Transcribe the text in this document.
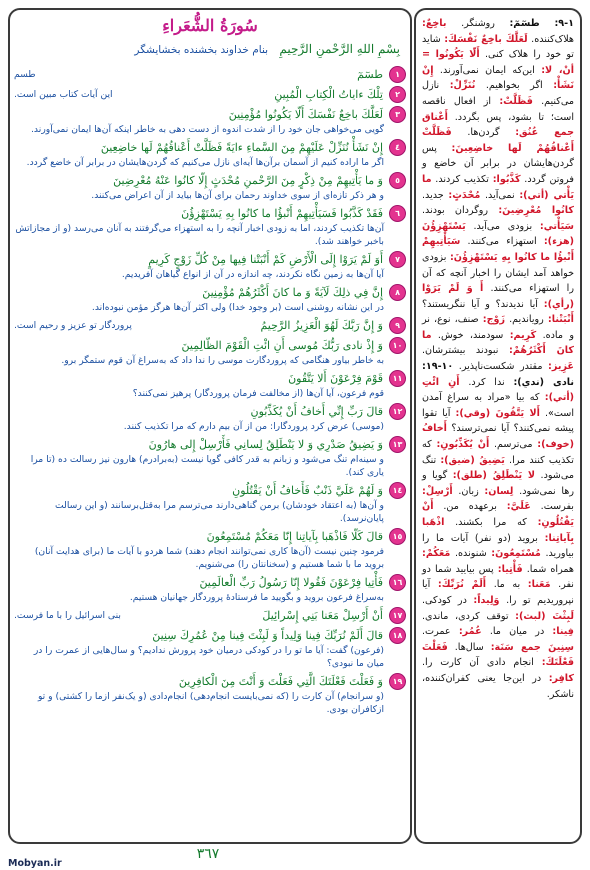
سُورَةُ الشُّعَراءِ
بِسْمِ اللهِ الرَّحْمنِ الرَّحِيمِ بنام خداوند بخشنده بخشایشگر
١
طسٓمٓ
طسم
٢
تِلْكَ ءاياتُ الْكِتابِ الْمُبِينِ
این آیات کتاب مبین است.
٣
لَعَلَّكَ باخِعٌ نَفْسَكَ أَلّا يَكُونُوا مُؤْمِنِينَ
گویی می‌خواهی جان خود را از شدت اندوه از دست دهی به خاطر اینکه آن‌ها ایمان نمی‌آورند.
٤
إِنْ نَشَأْ نُنَزِّلْ عَلَيْهِمْ مِنَ السَّماءِ ءايَةً فَظَلَّتْ أَعْناقُهُمْ لَها خاضِعِينَ
اگر ما اراده کنیم از آسمان برآن‌ها آیه‌ای نازل می‌کنیم که گردن‌هایشان در برابر آن خاضع گردد.
٥
وَ ما يَأْتِيهِمْ مِنْ ذِكْرٍ مِنَ الرَّحْمنِ مُحْدَثٍ إِلّا كانُوا عَنْهُ مُعْرِضِينَ
و هر ذکر تازه‌ای از سوی خداوند رحمان برای آن‌ها بیاید از آن اعراض می‌کنند.
٦
فَقَدْ كَذَّبُوا فَسَيَأْتِيهِمْ أَنْبؤُا ما كانُوا بِهِ يَسْتَهْزِؤُنَ
آن‌ها تکذیب کردند، اما به زودی اخبار آنچه را به استهزاء می‌گرفتند به آنان می‌رسد (و از مجازاتش باخبر خواهند شد).
٧
أَوَ لَمْ يَرَوْا إِلَى الْأَرْضِ كَمْ أَنْبَتْنا فِيها مِنْ كُلِّ زَوْجٍ كَرِيمٍ
آیا آن‌ها به زمین نگاه نکردند، چه اندازه در آن از انواع گیاهان آفریدیم.
٨
إِنَّ فِي ذلِكَ لَآيَةً وَ ما كانَ أَكْثَرُهُمْ مُؤْمِنِينَ
در این نشانه روشنی است (بر وجود خدا) ولی اکثر آن‌ها هرگز مؤمن نبوده‌اند.
٩
وَ إِنَّ رَبَّكَ لَهُوَ الْعَزِيزُ الرَّحِيمُ
پروردگار تو عزیز و رحیم است.
١٠
وَ إِذْ نادى رَبُّكَ مُوسى أَنِ ائْتِ الْقَوْمَ الظّالِمِينَ
به خاطر بیاور هنگامی که پروردگارت موسی را ندا داد که به‌سراغ آن قوم ستمگر برو.
١١
قَوْمَ فِرْعَوْنَ أَلا يَتَّقُونَ
قوم فرعون، آیا آن‌ها (از مخالفت فرمان پروردگار) پرهیز نمی‌کنند؟
١٢
قالَ رَبِّ إِنِّي أَخافُ أَنْ يُكَذِّبُونِ
(موسی) عرض کرد پروردگارا: من از آن بیم دارم که مرا تکذیب کنند.
١٣
وَ يَضِيقُ صَدْرِي وَ لا يَنْطَلِقُ لِسانِي فَأَرْسِلْ إِلى هارُونَ
و سینه‌ام تنگ می‌شود و زبانم به قدر کافی گویا نیست (به‌برادرم) هارون نیز رسالت ده (تا مرا یاری کند).
١٤
وَ لَهُمْ عَلَيَّ ذَنْبٌ فَأَخافُ أَنْ يَقْتُلُونِ
و آن‌ها (به اعتقاد خودشان) برمن گناهی‌دارند می‌ترسم مرا به‌قتل‌برسانند (و این رسالت پایان‌نرسد).
١٥
قالَ كَلّا فَاذْهَبا بِآياتِنا إِنّا مَعَكُمْ مُسْتَمِعُونَ
فرمود چنین نیست (آن‌ها کاری نمی‌توانند انجام دهند) شما هردو با آیات ما (برای هدایت آنان) بروید ما با شما هستیم و (سخنانتان را) می‌شنویم.
١٦
فَأْتِيا فِرْعَوْنَ فَقُولا إِنّا رَسُولُ رَبِّ الْعالَمِينَ
به‌سراغ فرعون بروید و بگویید ما فرستادهٔ پروردگار جهانیان هستیم.
١٧
أَنْ أَرْسِلْ مَعَنا بَنِي إِسْرائِيلَ
بنی اسرائیل را با ما فرست.
١٨
قالَ أَلَمْ نُرَبِّكَ فِينا وَلِيداً وَ لَبِثْتَ فِينا مِنْ عُمُرِكَ سِنِينَ
(فرعون) گفت: آیا ما تو را در کودکی درمیان خود پرورش ندادیم؟ و سال‌هایی از عمرت را در میان ما نبودی؟
١٩
وَ فَعَلْتَ فَعْلَتَكَ الَّتِي فَعَلْتَ وَ أَنْتَ مِنَ الْكافِرِينَ
(و سرانجام) آن کارت را (که نمی‌بایست انجام‌دهی) انجام‌دادی (و یک‌نفر ازما را کشتی) و تو ازکافران بودی.
١-٩: طسٓمٓ: روشنگر. باخِعٌ: هلاک‌کننده. لَعَلَّكَ باخِعٌ نَفْسَكَ: شاید تو خود را هلاک کنی. أَلّا يَكُونُوا = أنْ، لا: این‌که ایمان نمی‌آورند. إِنْ نَشَأْ: اگر بخواهیم. نُنَزِّلْ: نازل می‌کنیم. فَظَلَّتْ: از افعال ناقصه است؛ تا بشود، پس بگردد. أَعْناق جمع عُنُق: گردن‌ها. فَظَلَّتْ أَعْناقُهُمْ لَها خاضِعِينَ: پس گردن‌هایشان در برابر آن خاضع و فروتن گردد. كَذَّبُوا: تکذیب کردند. ما يَأْتي (أتي): نمی‌آید. مُحْدَثٍ: جدید. كانُوا مُعْرِضِينَ: روگردان بودند. سَيَأْتي: بزودی می‌آید. يَسْتَهْزِؤُنَ (هزء): استهزاء می‌کنند. سَيَأْتِيهِمْ أَنْبؤُا ما كانُوا بِهِ يَسْتَهْزِؤُنَ: بزودی خواهد آمد ایشان را اخبار آنچه که آن را استهزاء می‌کنند. أَ وَ لَمْ يَرَوْا (رأي): آیا ندیدند؟ و آیا ننگریستند؟ أَنْبَتْنا: رویاندیم. زَوْج: صنف، نوع، نر و ماده. كَرِيم: سودمند، خوش. ما كانَ أَكْثَرُهُمْ: نبودند بیشترشان. عَزِيز: مقتدر شکست‌ناپذیر. ١٠-١٩: نادى (ندي): ندا کرد. أَنِ ائْتِ (أتي): که بیا «مراد به سراغ آمدن است». أَلا يَتَّقُونَ (وقي): آیا تقوا پیشه نمی‌کنند؟ آیا نمی‌ترسند؟ أَخافُ (خوف): می‌ترسم. أَنْ يُكَذِّبُونِ: که تکذیب کنند مرا. يَضِيقُ (ضيق): تنگ می‌شود. لا يَنْطَلِقُ (طلق): گویا و رها نمی‌شود. لِسان: زبان. أَرْسِلْ: بفرست. عَلَيَّ: برعهده من. أَنْ يَقْتُلُونِ: که مرا بکشند. اذْهَبا بِآياتِنا: بروید (دو نفر) آیات ما را بیاورید. مُسْتَمِعُونَ: شنونده. مَعَكُمْ: همراه شما. فَأْتِيا: پس بیایید شما دو نفر. مَعَنا: به ما. أَلَمْ نُرَبِّكَ: آیا نپروریدیم تو را. وَلِيداً: در کودکی. لَبِثْتَ (لبث): توقف کردی، ماندی. فِينا: در میان ما. عُمُر: عمرت. سِنِينَ جمع سَنَة: سال‌ها. فَعَلْتَ فَعْلَتَكَ: انجام دادی آن کارت را. كافِر: در این‌جا یعنی کفران‌کننده، ناشکر.
٣٦٧
Mobyan.ir
